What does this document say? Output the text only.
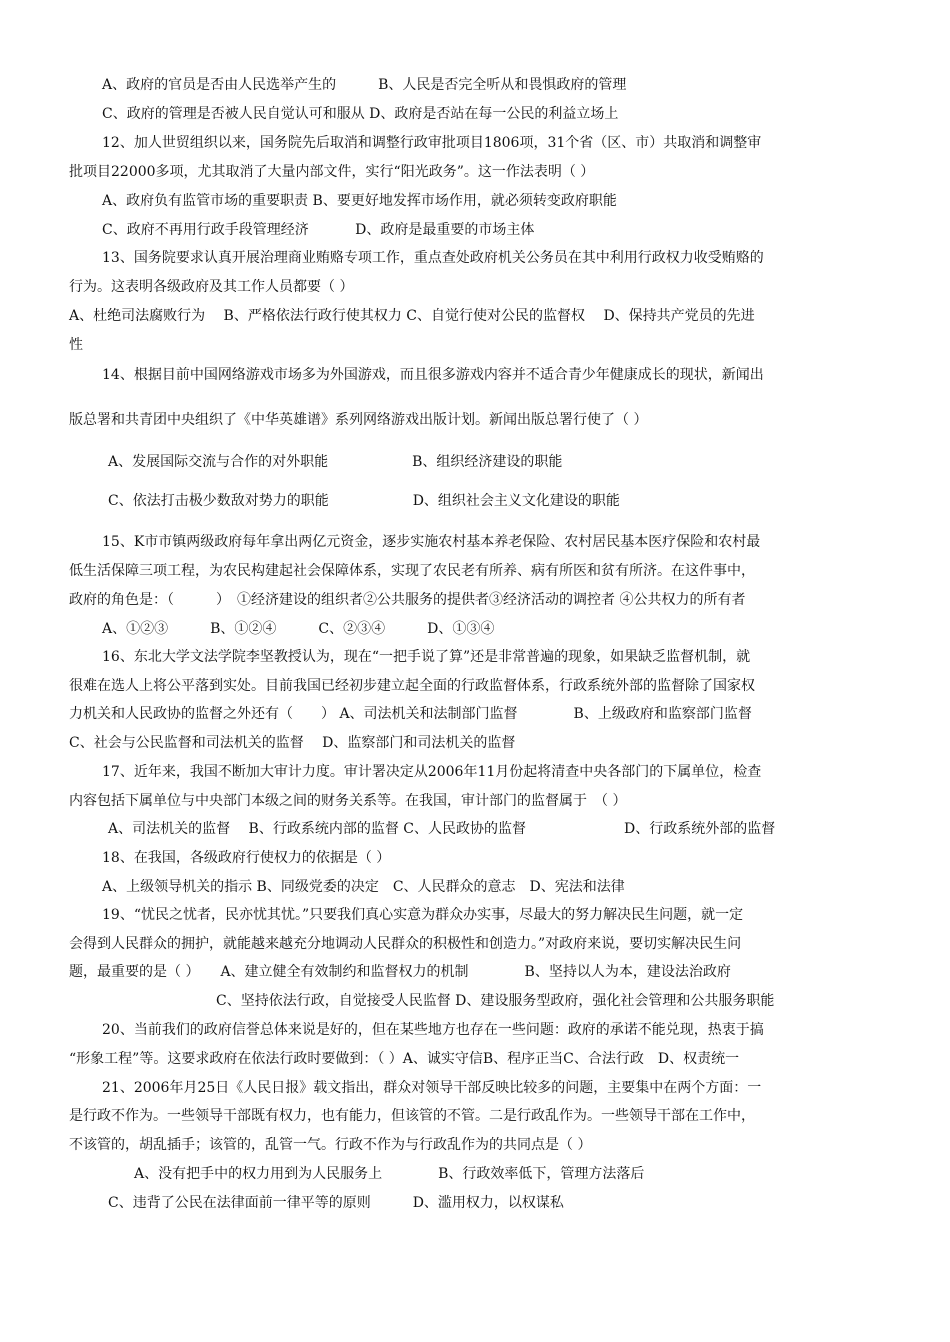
A、政府的官员是否由人民选举产生的　　　B、人民是否完全听从和畏惧政府的管理
C、政府的管理是否被人民自觉认可和服从 D、政府是否站在每一公民的利益立场上
12、加人世贸组织以来，国务院先后取消和调整行政审批项目1806项，31个省（区、市）共取消和调整审
批项目22000多项，尤其取消了大量内部文件，实行“阳光政务”。这一作法表明（ ）
A、政府负有监管市场的重要职责 B、要更好地发挥市场作用，就必须转变政府职能
C、政府不再用行政手段管理经济　　　 D、政府是最重要的市场主体
13、国务院要求认真开展治理商业贿赂专项工作，重点查处政府机关公务员在其中利用行政权力收受贿赂的
行为。这表明各级政府及其工作人员都要（ ）
A、杜绝司法腐败行为　 B、严格依法行政行使其权力 C、自觉行使对公民的监督权　 D、保持共产党员的先进
性
14、根据目前中国网络游戏市场多为外国游戏，而且很多游戏内容并不适合青少年健康成长的现状，新闻出
版总署和共青团中央组织了《中华英雄谱》系列网络游戏出版计划。新闻出版总署行使了（ ）
A、发展国际交流与合作的对外职能　　　　　　B、组织经济建设的职能
C、依法打击极少数敌对势力的职能　　　　　　D、组织社会主义文化建设的职能
15、K市市镇两级政府每年拿出两亿元资金，逐步实施农村基本养老保险、农村居民基本医疗保险和农村最
低生活保障三项工程，为农民构建起社会保障体系，实现了农民老有所养、病有所医和贫有所济。在这件事中，
政府的角色是：（　　　）　①经济建设的组织者②公共服务的提供者③经济活动的调控者 ④公共权力的所有者
A、①②③　　　B、①②④　　　C、②③④　　　D、①③④
16、东北大学文法学院李坚教授认为，现在“一把手说了算”还是非常普遍的现象，如果缺乏监督机制，就
很难在选人上将公平落到实处。目前我国已经初步建立起全面的行政监督体系，行政系统外部的监督除了国家权
力机关和人民政协的监督之外还有（　　） A、司法机关和法制部门监督　　　　B、上级政府和监察部门监督
C、社会与公民监督和司法机关的监督　 D、监察部门和司法机关的监督
17、近年来，我国不断加大审计力度。审计署决定从2006年11月份起将清查中央各部门的下属单位，检查
内容包括下属单位与中央部门本级之间的财务关系等。在我国，审计部门的监督属于　（ ）
A、司法机关的监督　 B、行政系统内部的监督 C、人民政协的监督　　　　　　　D、行政系统外部的监督
18、在我国，各级政府行使权力的依据是（ ）
A、上级领导机关的指示 B、同级党委的决定　C、人民群众的意志　D、宪法和法律
19、“忧民之忧者，民亦忧其忧。”只要我们真心实意为群众办实事，尽最大的努力解决民生问题，就一定
会得到人民群众的拥护，就能越来越充分地调动人民群众的积极性和创造力。”对政府来说，要切实解决民生问
题，最重要的是（ ）　　A、建立健全有效制约和监督权力的机制　　　　B、坚持以人为本，建设法治政府
C、坚持依法行政，自觉接受人民监督 D、建设服务型政府，强化社会管理和公共服务职能
20、当前我们的政府信誉总体来说是好的，但在某些地方也存在一些问题：政府的承诺不能兑现，热衷于搞
“形象工程”等。这要求政府在依法行政时要做到：（ ）A、诚实守信B、程序正当C、合法行政　D、权责统一
21、2006年月25日《人民日报》载文指出，群众对领导干部反映比较多的问题，主要集中在两个方面：一
是行政不作为。一些领导干部既有权力，也有能力，但该管的不管。二是行政乱作为。一些领导干部在工作中，
不该管的，胡乱插手；该管的，乱管一气。行政不作为与行政乱作为的共同点是（ ）
A、没有把手中的权力用到为人民服务上　　　　B、行政效率低下，管理方法落后
C、违背了公民在法律面前一律平等的原则　　　D、滥用权力，以权谋私
